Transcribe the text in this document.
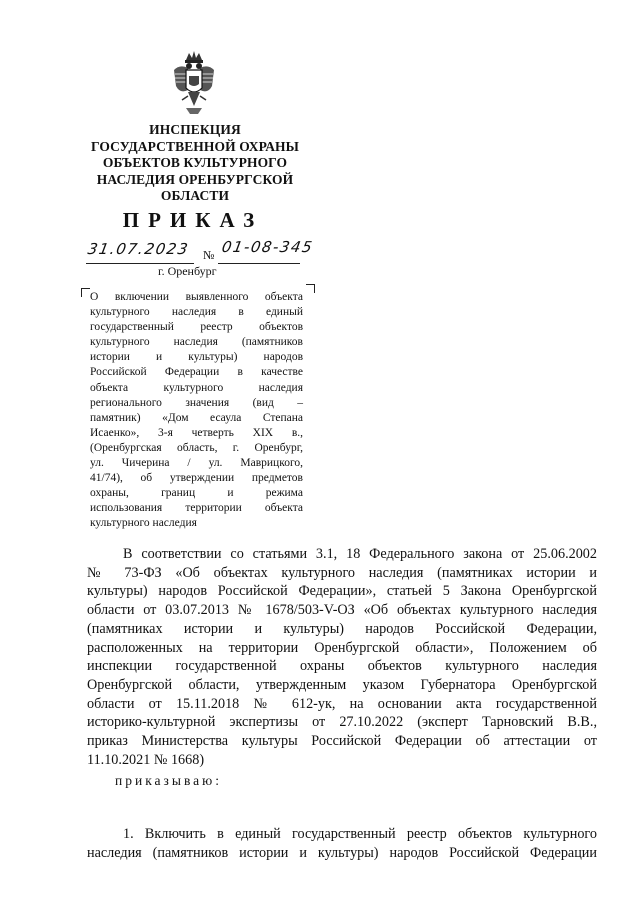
ИНСПЕКЦИЯ
ГОСУДАРСТВЕННОЙ ОХРАНЫ
ОБЪЕКТОВ КУЛЬТУРНОГО
НАСЛЕДИЯ ОРЕНБУРГСКОЙ
ОБЛАСТИ
ПРИКАЗ
31.07.2023 № 01-08-345
г. Оренбург
О включении выявленного объекта
культурного наследия в единый
государственный реестр объектов
культурного наследия (памятников
истории и культуры) народов
Российской Федерации в качестве
объекта культурного наследия
регионального значения (вид –
памятник) «Дом есаула Степана
Исаенко», 3-я четверть XIX в.,
(Оренбургская область, г. Оренбург,
ул. Чичерина / ул. Маврицкого,
41/74), об утверждении предметов
охраны, границ и режима
использования территории объекта
культурного наследия
В соответствии со статьями 3.1, 18 Федерального закона от 25.06.2002
№ 73-ФЗ «Об объектах культурного наследия (памятниках истории и
культуры) народов Российской Федерации», статьей 5 Закона Оренбургской
области от 03.07.2013 № 1678/503-V-ОЗ «Об объектах культурного наследия
(памятниках истории и культуры) народов Российской Федерации,
расположенных на территории Оренбургской области», Положением об
инспекции государственной охраны объектов культурного наследия
Оренбургской области, утвержденным указом Губернатора Оренбургской
области от 15.11.2018 № 612-ук, на основании акта государственной
историко-культурной экспертизы от 27.10.2022 (эксперт Тарновский В.В.,
приказ Министерства культуры Российской Федерации об аттестации от
11.10.2021 № 1668)
приказываю:
1. Включить в единый государственный реестр объектов культурного
наследия (памятников истории и культуры) народов Российской Федерации
